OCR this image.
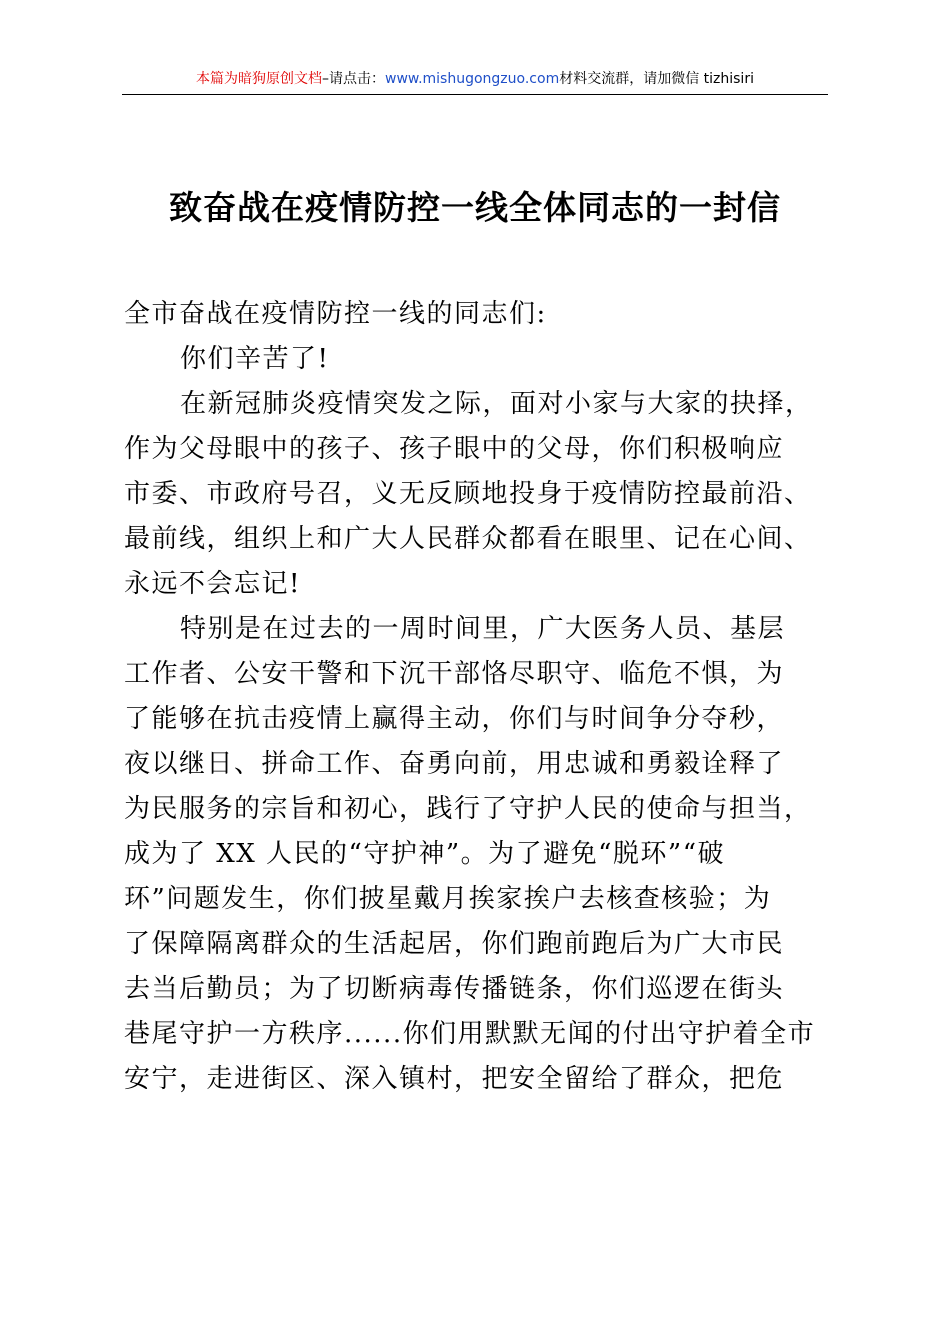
本篇为暗狗原创文档–请点击：www.mishugongzuo.com材料交流群，请加微信 tizhisiri
致奋战在疫情防控一线全体同志的一封信

全市奋战在疫情防控一线的同志们:

你们辛苦了!

在新冠肺炎疫情突发之际，面对小家与大家的抉择，

作为父母眼中的孩子、孩子眼中的父母，你们积极响应
市委、市政府号召，义无反顾地投身于疫情防控最前沿、
最前线，组织上和广大人民群众都看在眼里、记在心间、
永远不会忘记!

特别是在过去的一周时间里，广大医务人员、基层

工作者、公安干警和下沉干部恪尽职守、临危不惧，为
了能够在抗击疫情上赢得主动，你们与时间争分夺秒，
夜以继日、拼命工作、奋勇向前，用忠诚和勇毅诠释了
为民服务的宗旨和初心，践行了守护人民的使命与担当，
成为了 XX 人民的“守护神”。为了避免“脱环”“破
环”问题发生，你们披星戴月挨家挨户去核查核验；为
了保障隔离群众的生活起居，你们跑前跑后为广大市民
去当后勤员；为了切断病毒传播链条，你们巡逻在街头
巷尾守护一方秩序......你们用默默无闻的付出守护着全市
安宁，走进街区、深入镇村，把安全留给了群众，把危
